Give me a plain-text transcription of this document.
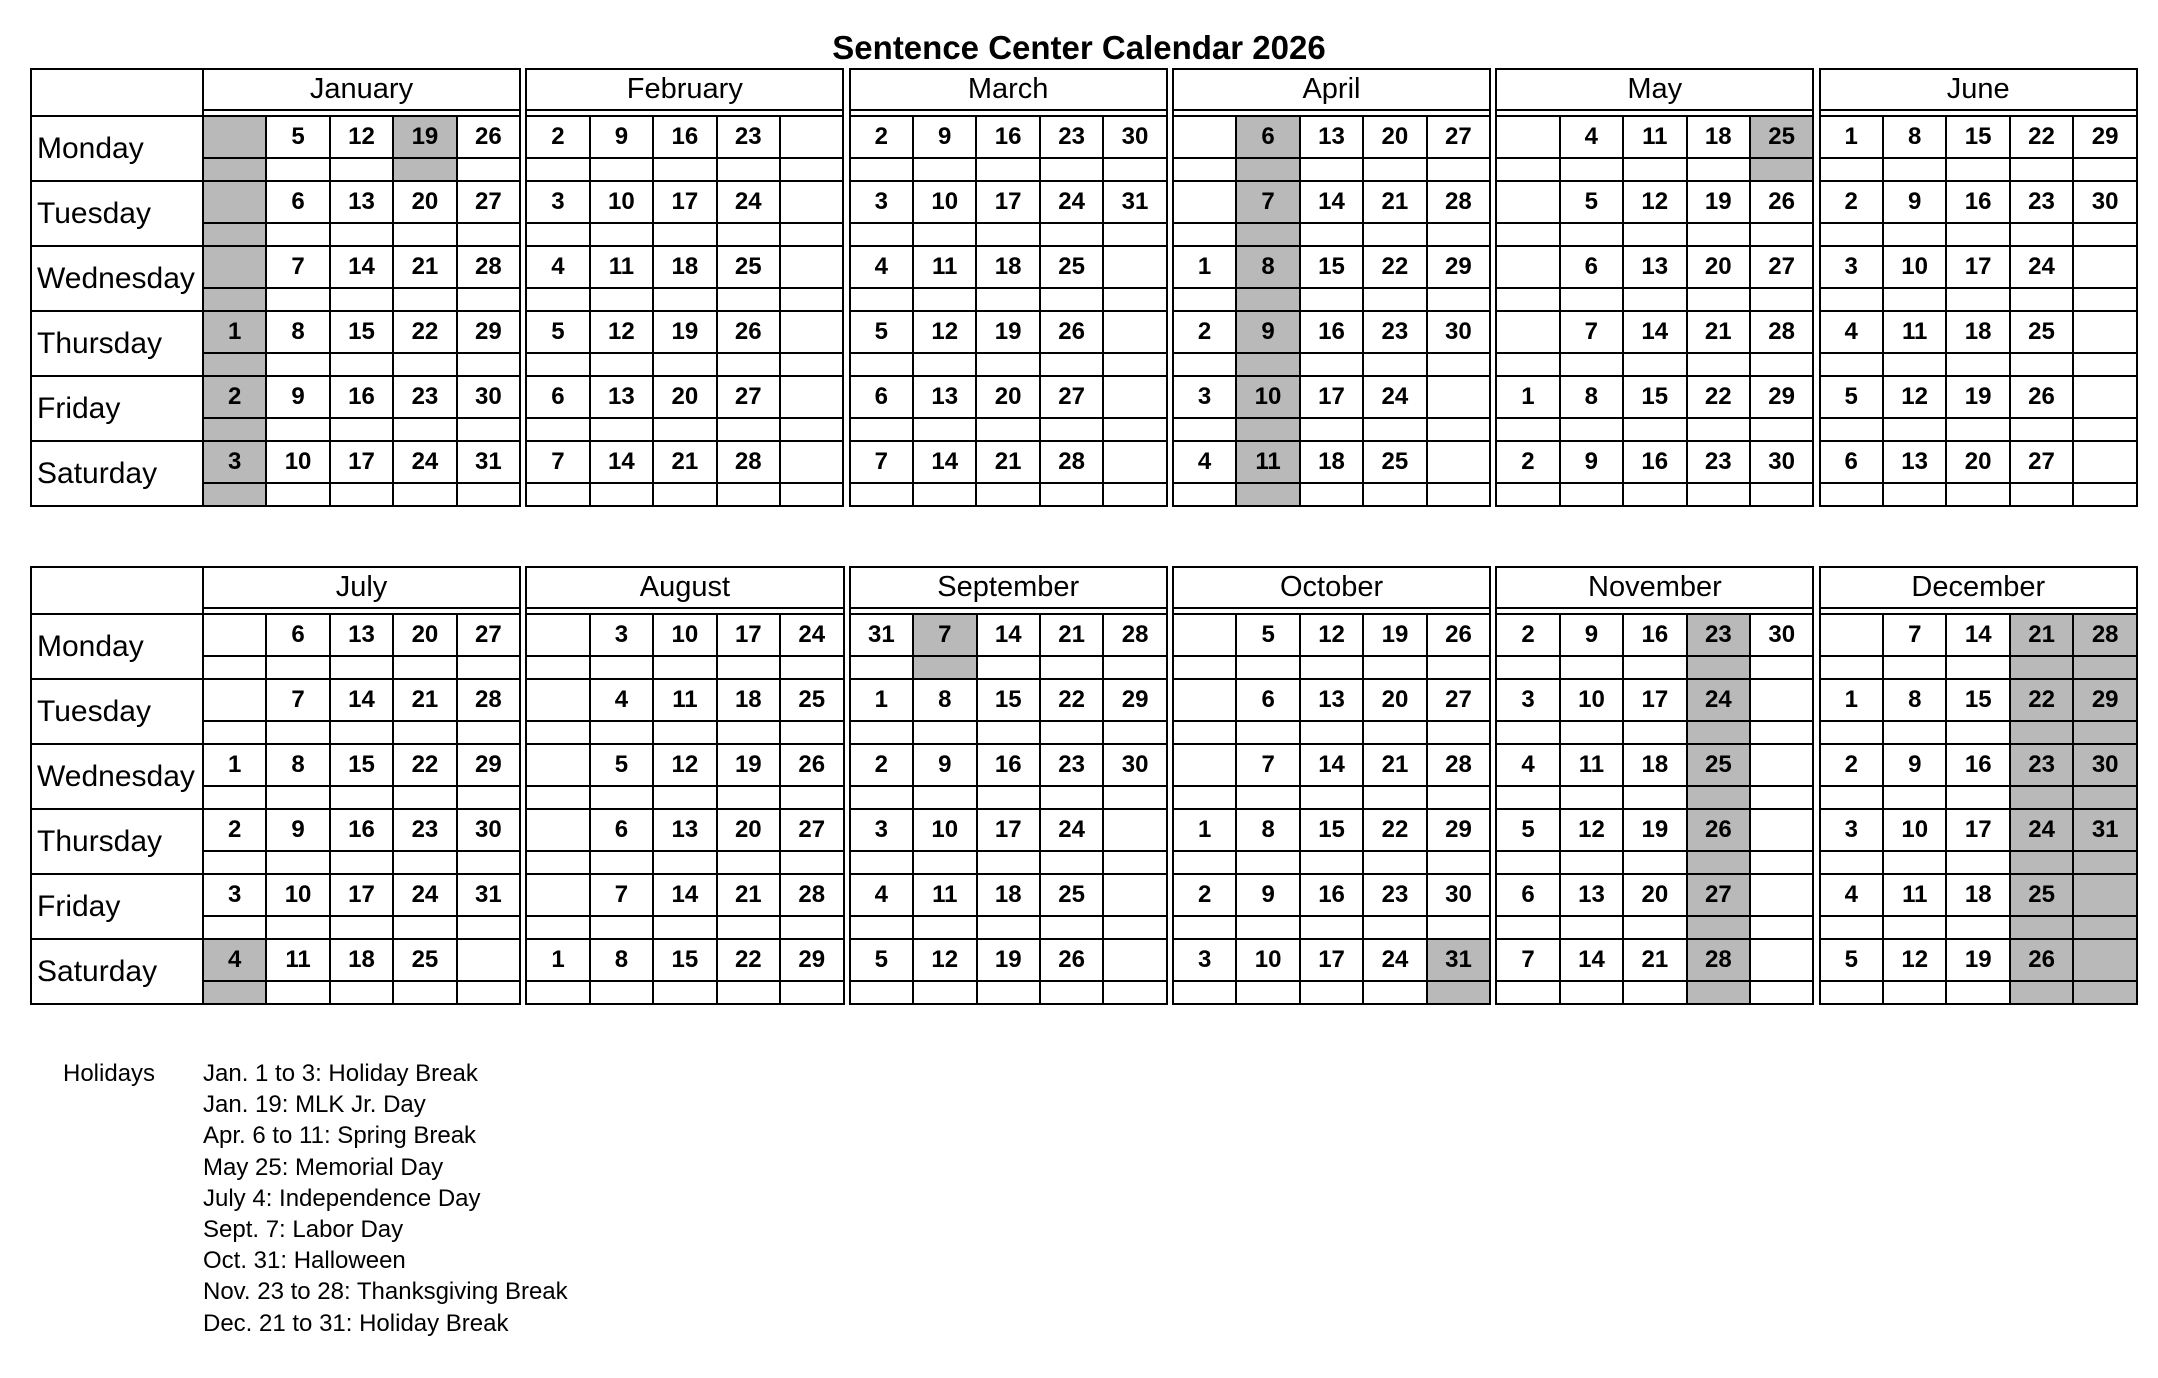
Sentence Center Calendar 2026
	January						February						March						April						May						June				

Monday		5	12	19	26		2	9	16	23			2	9	16	23	30			6	13	20	27			4	11	18	25		1	8	15	22	29

Tuesday		6	13	20	27		3	10	17	24			3	10	17	24	31			7	14	21	28			5	12	19	26		2	9	16	23	30

Wednesday		7	14	21	28		4	11	18	25			4	11	18	25			1	8	15	22	29			6	13	20	27		3	10	17	24	

Thursday	1	8	15	22	29		5	12	19	26			5	12	19	26			2	9	16	23	30			7	14	21	28		4	11	18	25	

Friday	2	9	16	23	30		6	13	20	27			6	13	20	27			3	10	17	24			1	8	15	22	29		5	12	19	26	

Saturday	3	10	17	24	31		7	14	21	28			7	14	21	28			4	11	18	25			2	9	16	23	30		6	13	20	27	

	July						August						September						October						November						December				

Monday		6	13	20	27			3	10	17	24		31	7	14	21	28			5	12	19	26		2	9	16	23	30			7	14	21	28

Tuesday		7	14	21	28			4	11	18	25		1	8	15	22	29			6	13	20	27		3	10	17	24			1	8	15	22	29

Wednesday	1	8	15	22	29			5	12	19	26		2	9	16	23	30			7	14	21	28		4	11	18	25			2	9	16	23	30

Thursday	2	9	16	23	30			6	13	20	27		3	10	17	24			1	8	15	22	29		5	12	19	26			3	10	17	24	31

Friday	3	10	17	24	31			7	14	21	28		4	11	18	25			2	9	16	23	30		6	13	20	27			4	11	18	25	

Saturday	4	11	18	25			1	8	15	22	29		5	12	19	26			3	10	17	24	31		7	14	21	28			5	12	19	26	

Holidays Jan. 1 to 3: Holiday Break
Jan. 19: MLK Jr. Day
Apr. 6 to 11: Spring Break
May 25: Memorial Day
July 4: Independence Day
Sept. 7: Labor Day
Oct. 31: Halloween
Nov. 23 to 28: Thanksgiving Break
Dec. 21 to 31: Holiday Break
